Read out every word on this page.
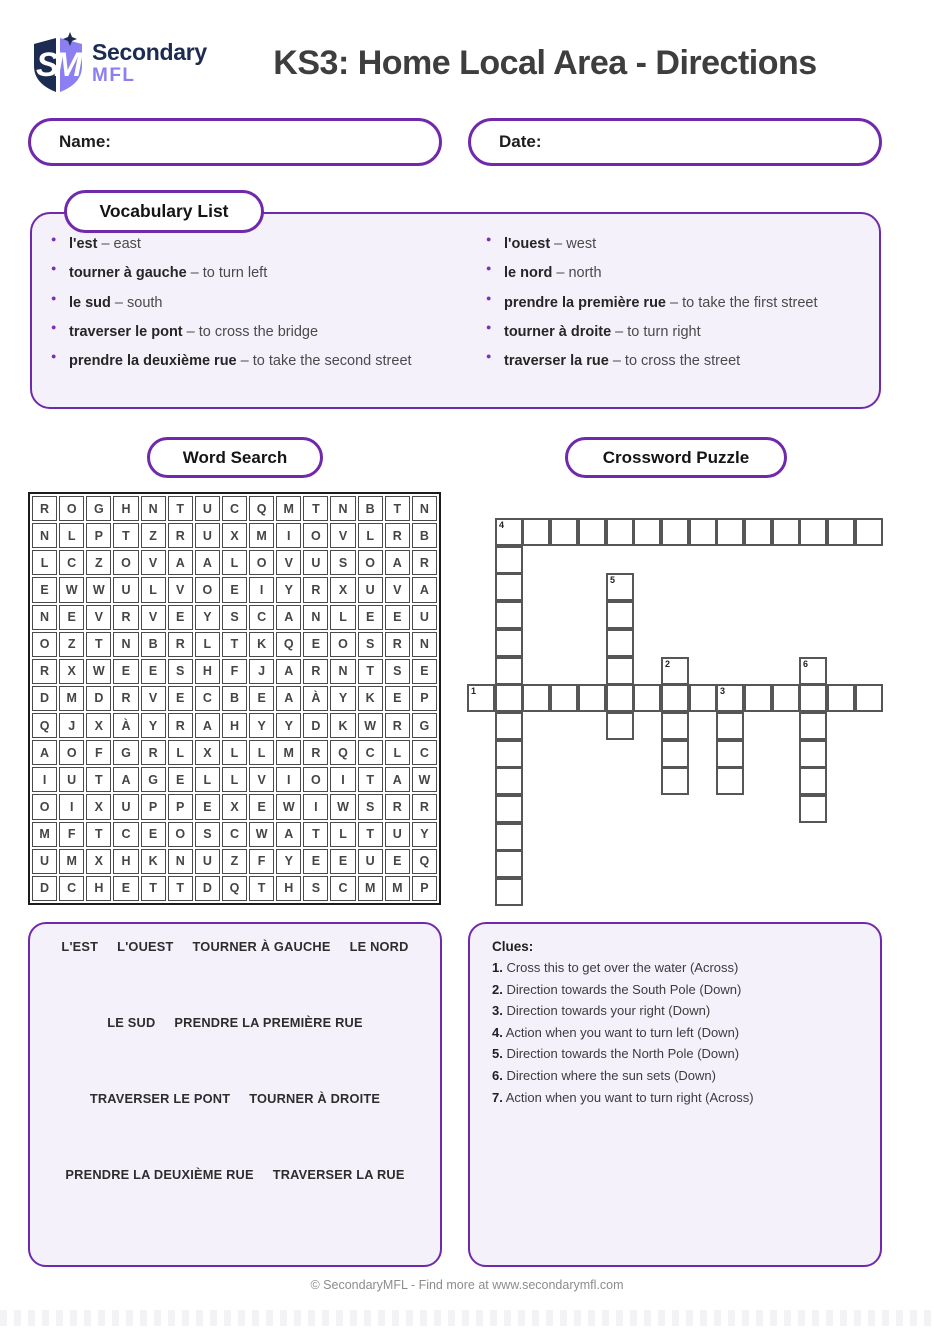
S
M Secondary
MFL	KS3: Home Local Area - Directions
Name:	Date:
Vocabulary List
● l'est – east
● tourner à gauche – to turn left
● le sud – south
● traverser le pont – to cross the bridge
● prendre la deuxième rue – to take the second street
● l'ouest – west
● le nord – north
● prendre la première rue – to take the first street
● tourner à droite – to turn right
● traverser la rue – to cross the street
Word Search	Crossword Puzzle
R	O	G	H	N	T	U	C	Q	M	T	N	B	T	N
N	L	P	T	Z	R	U	X	M	I	O	V	L	R	B
L	C	Z	O	V	A	A	L	O	V	U	S	O	A	R
E	W	W	U	L	V	O	E	I	Y	R	X	U	V	A
N	E	V	R	V	E	Y	S	C	A	N	L	E	E	U
O	Z	T	N	B	R	L	T	K	Q	E	O	S	R	N
R	X	W	E	E	S	H	F	J	A	R	N	T	S	E
D	M	D	R	V	E	C	B	E	A	À	Y	K	E	P
Q	J	X	À	Y	R	A	H	Y	Y	D	K	W	R	G
A	O	F	G	R	L	X	L	L	M	R	Q	C	L	C
I	U	T	A	G	E	L	L	V	I	O	I	T	A	W
O	I	X	U	P	P	E	X	E	W	I	W	S	R	R
M	F	T	C	E	O	S	C	W	A	T	L	T	U	Y
U	M	X	H	K	N	U	Z	F	Y	E	E	U	E	Q
D	C	H	E	T	T	D	Q	T	H	S	C	M	M	P
4
5
2	6
1	3
L'EST L'OUEST TOURNER À GAUCHE LE NORD
LE SUD PRENDRE LA PREMIÈRE RUE
TRAVERSER LE PONT TOURNER À DROITE
PRENDRE LA DEUXIÈME RUE TRAVERSER LA RUE

Clues:

1. Cross this to get over the water (Across)

2. Direction towards the South Pole (Down)

3. Direction towards your right (Down)

4. Action when you want to turn left (Down)

5. Direction towards the North Pole (Down)

6. Direction where the sun sets (Down)

7. Action when you want to turn right (Across)

© SecondaryMFL - Find more at www.secondarymfl.com
